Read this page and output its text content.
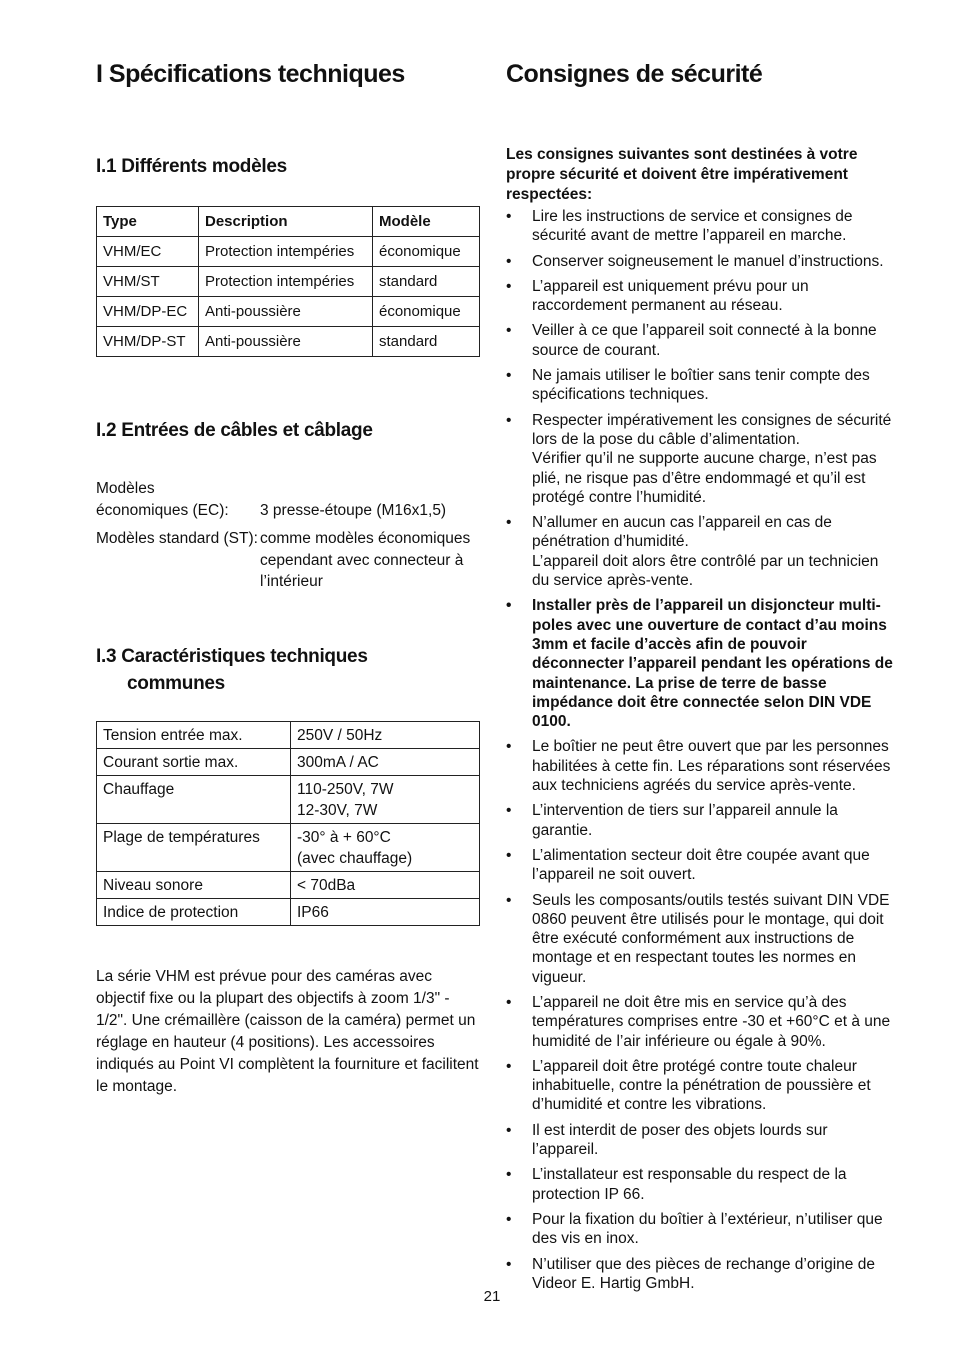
I Spécifications techniques
I.1 Différents modèles
Type	Description	Modèle
VHM/EC	Protection intempéries	économique
VHM/ST	Protection intempéries	standard
VHM/DP-EC	Anti-poussière	économique
VHM/DP-ST	Anti-poussière	standard
I.2 Entrées de câbles et câblage
Modèles
économiques (EC):	3 presse-étoupe (M16x1,5)
Modèles standard (ST): comme modèles économiques cependant avec connecteur à l’intérieur
I.3 Caractéristiques techniques
communes
Tension entrée max.	250V / 50Hz
Courant sortie max.	300mA / AC
Chauffage	110-250V, 7W
12-30V, 7W

Plage de températures	-30° à + 60°C
(avec chauffage)

Niveau sonore	< 70dBa
Indice de protection	IP66

La série VHM est prévue pour des caméras avec objectif fixe ou la plupart des objectifs à zoom 1/3" - 1/2". Une crémaillère (caisson de la caméra) permet un réglage en hauteur (4 positions). Les accessoires indiqués au Point VI complètent la fourniture et facilitent le montage.

Consignes de sécurité
Les consignes suivantes sont destinées à votre propre sécurité et doivent être impérativement respectées:
• Lire les instructions de service et consignes de sécurité avant de mettre l’appareil en marche.
• Conserver soigneusement le manuel d’instructions.
• L’appareil est uniquement prévu pour un raccordement permanent au réseau.
• Veiller à ce que l’appareil soit connecté à la bonne source de courant.
• Ne jamais utiliser le boîtier sans tenir compte des spécifications techniques.
• Respecter impérativement les consignes de sécurité lors de la pose du câble d’alimentation.
Vérifier qu’il ne supporte aucune charge, n’est pas plié, ne risque pas d’être endommagé et qu’il est protégé contre l’humidité.
• N’allumer en aucun cas l’appareil en cas de pénétration d’humidité.
L’appareil doit alors être contrôlé par un technicien du service après-vente.
• Installer près de l’appareil un disjoncteur multi-poles avec une ouverture de contact d’au moins 3mm et facile d’accès afin de pouvoir déconnecter l’appareil pendant les opérations de maintenance. La prise de terre de basse impédance doit être connectée selon DIN VDE 0100.
• Le boîtier ne peut être ouvert que par les personnes habilitées à cette fin. Les réparations sont réservées aux techniciens agréés du service après-vente.
• L’intervention de tiers sur l’appareil annule la garantie.
• L’alimentation secteur doit être coupée avant que l’appareil ne soit ouvert.
• Seuls les composants/outils testés suivant DIN VDE 0860 peuvent être utilisés pour le montage, qui doit être exécuté conformément aux instructions de montage et en respectant toutes les normes en vigueur.
• L’appareil ne doit être mis en service qu’à des températures comprises entre -30 et +60°C et à une humidité de l’air inférieure ou égale à 90%.
• L’appareil doit être protégé contre toute chaleur inhabituelle, contre la pénétration de poussière et d’humidité et contre les vibrations.
• Il est interdit de poser des objets lourds sur l’appareil.
• L’installateur est responsable du respect de la protection IP 66.
• Pour la fixation du boîtier à l’extérieur, n’utiliser que des vis en inox.
• N’utiliser que des pièces de rechange d’origine de Videor E. Hartig GmbH.
21
